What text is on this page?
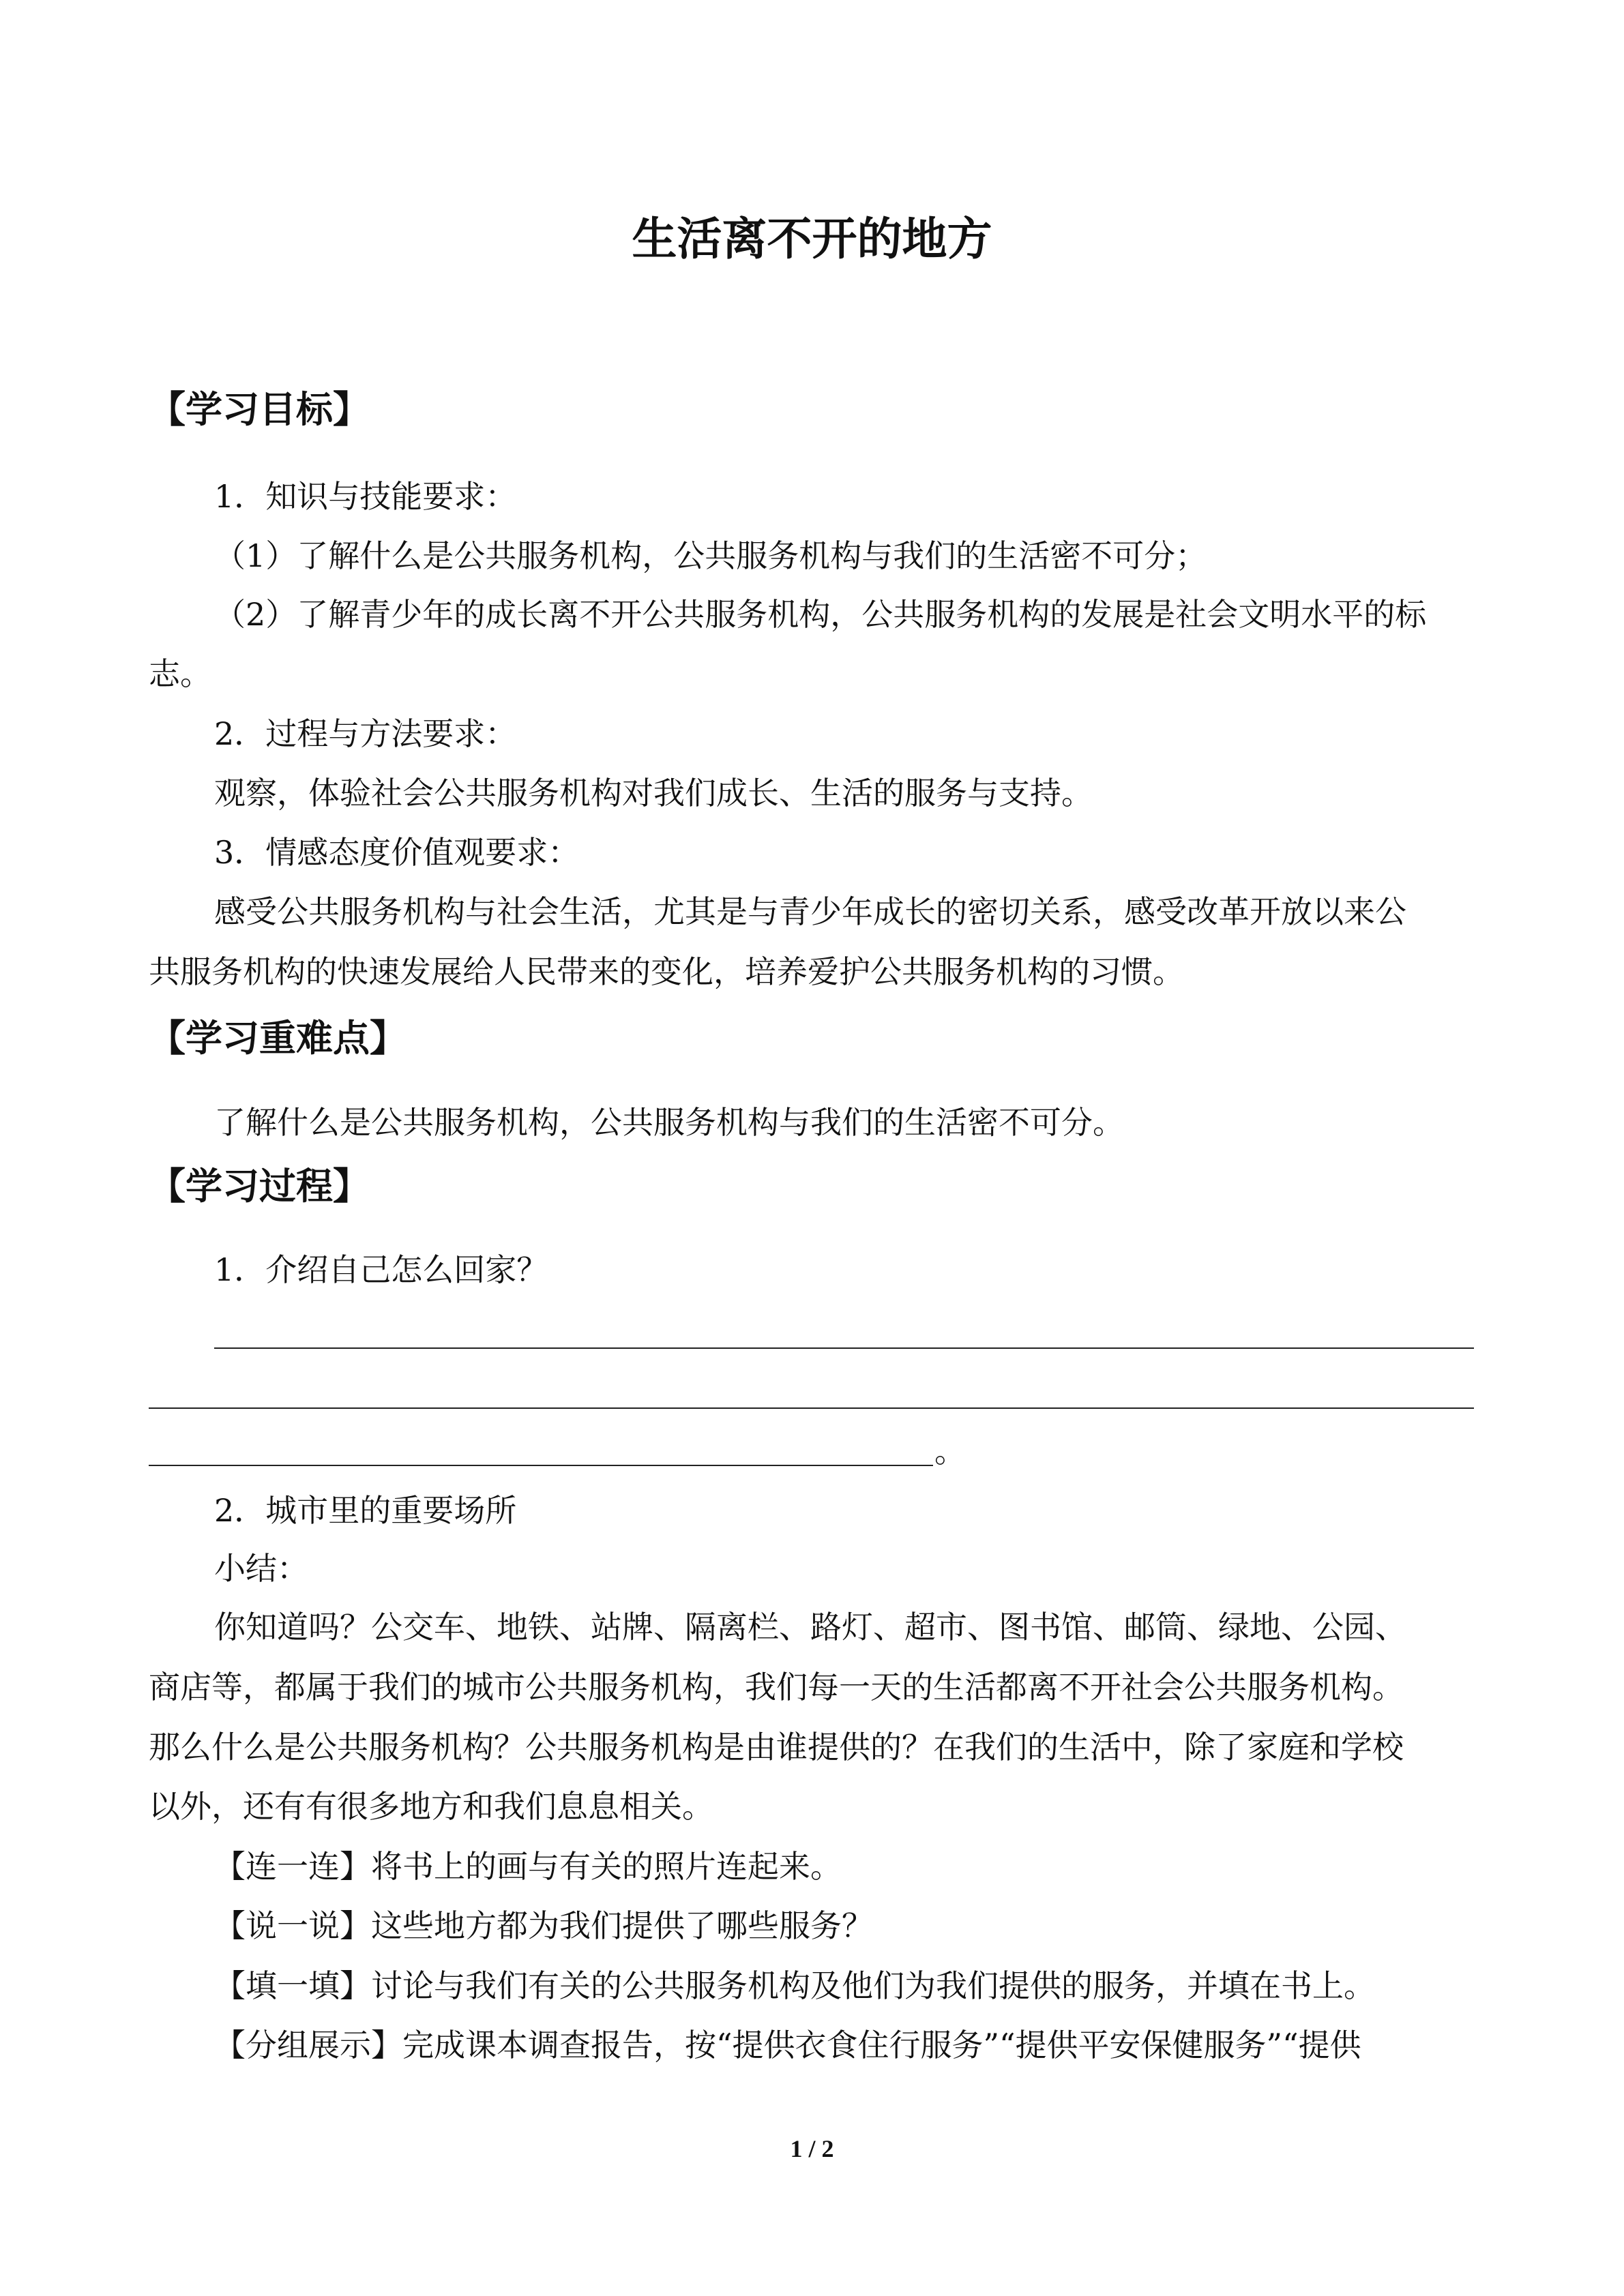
生活离不开的地方
【学习目标】
1．知识与技能要求：
（1）了解什么是公共服务机构，公共服务机构与我们的生活密不可分；
（2）了解青少年的成长离不开公共服务机构，公共服务机构的发展是社会文明水平的标
志。
2．过程与方法要求：
观察，体验社会公共服务机构对我们成长、生活的服务与支持。
3．情感态度价值观要求：
感受公共服务机构与社会生活，尤其是与青少年成长的密切关系，感受改革开放以来公
共服务机构的快速发展给人民带来的变化，培养爱护公共服务机构的习惯。
【学习重难点】
了解什么是公共服务机构，公共服务机构与我们的生活密不可分。
【学习过程】
1．介绍自己怎么回家？
。
2．城市里的重要场所
小结：
你知道吗？公交车、地铁、站牌、隔离栏、路灯、超市、图书馆、邮筒、绿地、公园、
商店等，都属于我们的城市公共服务机构，我们每一天的生活都离不开社会公共服务机构。
那么什么是公共服务机构？公共服务机构是由谁提供的？在我们的生活中，除了家庭和学校
以外，还有有很多地方和我们息息相关。
【连一连】将书上的画与有关的照片连起来。
【说一说】这些地方都为我们提供了哪些服务？
【填一填】讨论与我们有关的公共服务机构及他们为我们提供的服务，并填在书上。
【分组展示】完成课本调查报告，按“提供衣食住行服务”“提供平安保健服务”“提供
1 / 2
